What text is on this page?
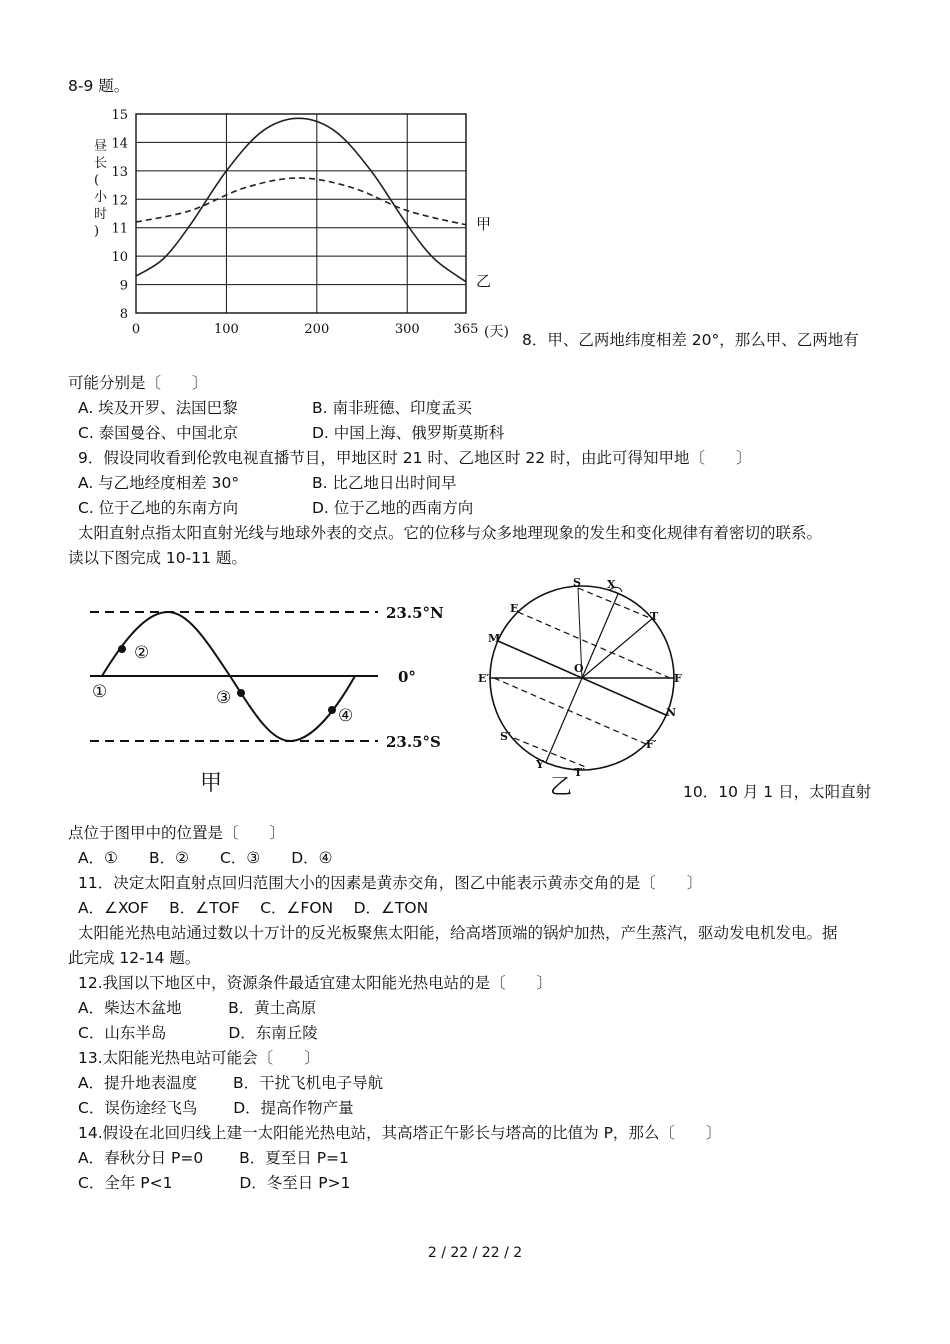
8-9 题。
8
9
10
11
12
13
14
15
0	100	200	300	365
甲
乙
(天)
昼
长
(
小
时
)
8．甲、乙两地纬度相差 20°，那么甲、乙两地有
可能分别是〔　　〕
A. 埃及开罗、法国巴黎	B. 南非班德、印度孟买
C. 泰国曼谷、中国北京	D. 中国上海、俄罗斯莫斯科
9．假设同收看到伦敦电视直播节目，甲地区时 21 时、乙地区时 22 时，由此可得知甲地〔　　〕
A. 与乙地经度相差 30°	B. 比乙地日出时间早
C. 位于乙地的东南方向	D. 位于乙地的西南方向
太阳直射点指太阳直射光线与地球外表的交点。它的位移与众多地理现象的发生和变化规律有着密切的联系。
读以下图完成 10-11 题。
23.5°N
0°
23.5°S
①
②
③
④
甲
S X
E
T
M
O
E′	F
N
S′
F′
Y
T′
乙	10．10 月 1 日，太阳直射
点位于图甲中的位置是〔　　〕
A．①　　B．②　　C．③　　D．④
11．决定太阳直射点回归范围大小的因素是黄赤交角，图乙中能表示黄赤交角的是〔　　〕
A．∠XOF　 B．∠TOF　 C．∠FON　 D．∠TON
太阳能光热电站通过数以十万计的反光板聚焦太阳能，给高塔顶端的锅炉加热，产生蒸汽，驱动发电机发电。据
此完成 12-14 题。
12.我国以下地区中，资源条件最适宜建太阳能光热电站的是〔　　〕
A．柴达木盆地　　　B．黄土高原
C．山东半岛　　　　D．东南丘陵
13.太阳能光热电站可能会〔　　〕
A．提升地表温度　　 B．干扰飞机电子导航
C．误伤途经飞鸟　　 D．提高作物产量
14.假设在北回归线上建一太阳能光热电站，其高塔正午影长与塔高的比值为 P，那么〔　　〕
A．春秋分日 P=0　　 B．夏至日 P=1
C．全年 P<1　　　　 D．冬至日 P>1
2 / 22 / 22 / 2
